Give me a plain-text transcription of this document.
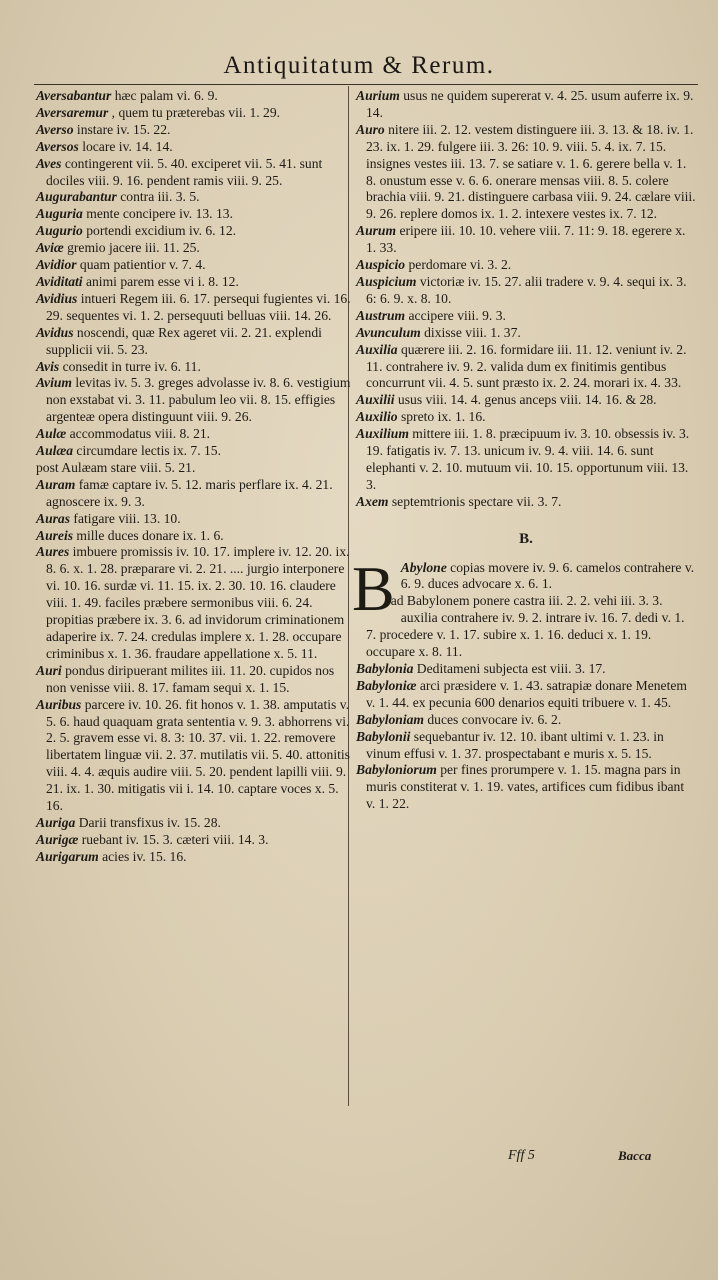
Antiquitatum & Rerum.

Aversabantur hæc palam vi. 6. 9.

Aversaremur , quem tu præterebas vii. 1. 29.

Averso instare iv. 15. 22.

Aversos locare iv. 14. 14.

Aves contingerent vii. 5. 40. exciperet vii. 5. 41. sunt dociles viii. 9. 16. pendent ramis viii. 9. 25.

Augurabantur contra iii. 3. 5.

Auguria mente concipere iv. 13. 13.

Augurio portendi excidium iv. 6. 12.

Aviæ gremio jacere iii. 11. 25.

Avidior quam patientior v. 7. 4.

Aviditati animi parem esse vi i. 8. 12.

Avidius intueri Regem iii. 6. 17. persequi fugientes vi. 16. 29. sequentes vi. 1. 2. persequuti belluas viii. 14. 26.

Avidus noscendi, quæ Rex ageret vii. 2. 21. explendi supplicii vii. 5. 23.

Avis consedit in turre iv. 6. 11.

Avium levitas iv. 5. 3. greges advolasse iv. 8. 6. vestigium non exstabat vi. 3. 11. pabulum leo vii. 8. 15. effigies argenteæ opera distinguunt viii. 9. 26.

Aulæ accommodatus viii. 8. 21.

Aulæa circumdare lectis ix. 7. 15.

post Aulæam stare viii. 5. 21.

Auram famæ captare iv. 5. 12. maris perflare ix. 4. 21. agnoscere ix. 9. 3.

Auras fatigare viii. 13. 10.

Aureis mille duces donare ix. 1. 6.

Aures imbuere promissis iv. 10. 17. implere iv. 12. 20. ix. 8. 6. x. 1. 28. præparare vi. 2. 21. .... jurgio interponere vi. 10. 16. surdæ vi. 11. 15. ix. 2. 30. 10. 16. claudere viii. 1. 49. faciles præbere sermonibus viii. 6. 24. propitias præbere ix. 3. 6. ad invidorum criminationem adaperire ix. 7. 24. credulas implere x. 1. 28. occupare criminibus x. 1. 36. fraudare appellatione x. 5. 11.

Auri pondus diripuerant milites iii. 11. 20. cupidos nos non venisse viii. 8. 17. famam sequi x. 1. 15.

Auribus parcere iv. 10. 26. fit honos v. 1. 38. amputatis v. 5. 6. haud quaquam grata sententia v. 9. 3. abhorrens vi. 2. 5. gravem esse vi. 8. 3: 10. 37. vii. 1. 22. removere libertatem linguæ vii. 2. 37. mutilatis vii. 5. 40. attonitis viii. 4. 4. æquis audire viii. 5. 20. pendent lapilli viii. 9. 21. ix. 1. 30. mitigatis vii i. 14. 10. captare voces x. 5. 16.

Auriga Darii transfixus iv. 15. 28.

Aurigæ ruebant iv. 15. 3. cæteri viii. 14. 3.

Aurigarum acies iv. 15. 16.

Aurium usus ne quidem supererat v. 4. 25. usum auferre ix. 9. 14.

Auro nitere iii. 2. 12. vestem distinguere iii. 3. 13. & 18. iv. 1. 23. ix. 1. 29. fulgere iii. 3. 26: 10. 9. viii. 5. 4. ix. 7. 15. insignes vestes iii. 13. 7. se satiare v. 1. 6. gerere bella v. 1. 8. onustum esse v. 6. 6. onerare mensas viii. 8. 5. colere brachia viii. 9. 21. distinguere carbasa viii. 9. 24. cælare viii. 9. 26. replere domos ix. 1. 2. intexere vestes ix. 7. 12.

Aurum eripere iii. 10. 10. vehere viii. 7. 11: 9. 18. egerere x. 1. 33.

Auspicio perdomare vi. 3. 2.

Auspicium victoriæ iv. 15. 27. alii tradere v. 9. 4. sequi ix. 3. 6: 6. 9. x. 8. 10.

Austrum accipere viii. 9. 3.

Avunculum dixisse viii. 1. 37.

Auxilia quærere iii. 2. 16. formidare iii. 11. 12. veniunt iv. 2. 11. contrahere iv. 9. 2. valida dum ex finitimis gentibus concurrunt vii. 4. 5. sunt præsto ix. 2. 24. morari ix. 4. 33.

Auxilii usus viii. 14. 4. genus anceps viii. 14. 16. & 28.

Auxilio spreto ix. 1. 16.

Auxilium mittere iii. 1. 8. præcipuum iv. 3. 10. obsessis iv. 3. 19. fatigatis iv. 7. 13. unicum iv. 9. 4. viii. 14. 6. sunt elephanti v. 2. 10. mutuum vii. 10. 15. opportunum viii. 13. 3.

Axem septemtrionis spectare vii. 3. 7.

B.

B Abylone copias movere iv. 9. 6. camelos contrahere v. 6. 9. duces advocare x. 6. 1.

ad Babylonem ponere castra iii. 2. 2. vehi iii. 3. 3. auxilia contrahere iv. 9. 2. intrare iv. 16. 7. dedi v. 1. 7. procedere v. 1. 17. subire x. 1. 16. deduci x. 1. 19. occupare x. 8. 11.

Babylonia Deditameni subjecta est viii. 3. 17.

Babyloniæ arci præsidere v. 1. 43. satrapiæ donare Menetem v. 1. 44. ex pecunia 600 denarios equiti tribuere v. 1. 45.

Babyloniam duces convocare iv. 6. 2.

Babylonii sequebantur iv. 12. 10. ibant ultimi v. 1. 23. in vinum effusi v. 1. 37. prospectabant e muris x. 5. 15.

Babyloniorum per fines prorumpere v. 1. 15. magna pars in muris constiterat v. 1. 19. vates, artifices cum fidibus ibant v. 1. 22.

Fff 5	Bacca
